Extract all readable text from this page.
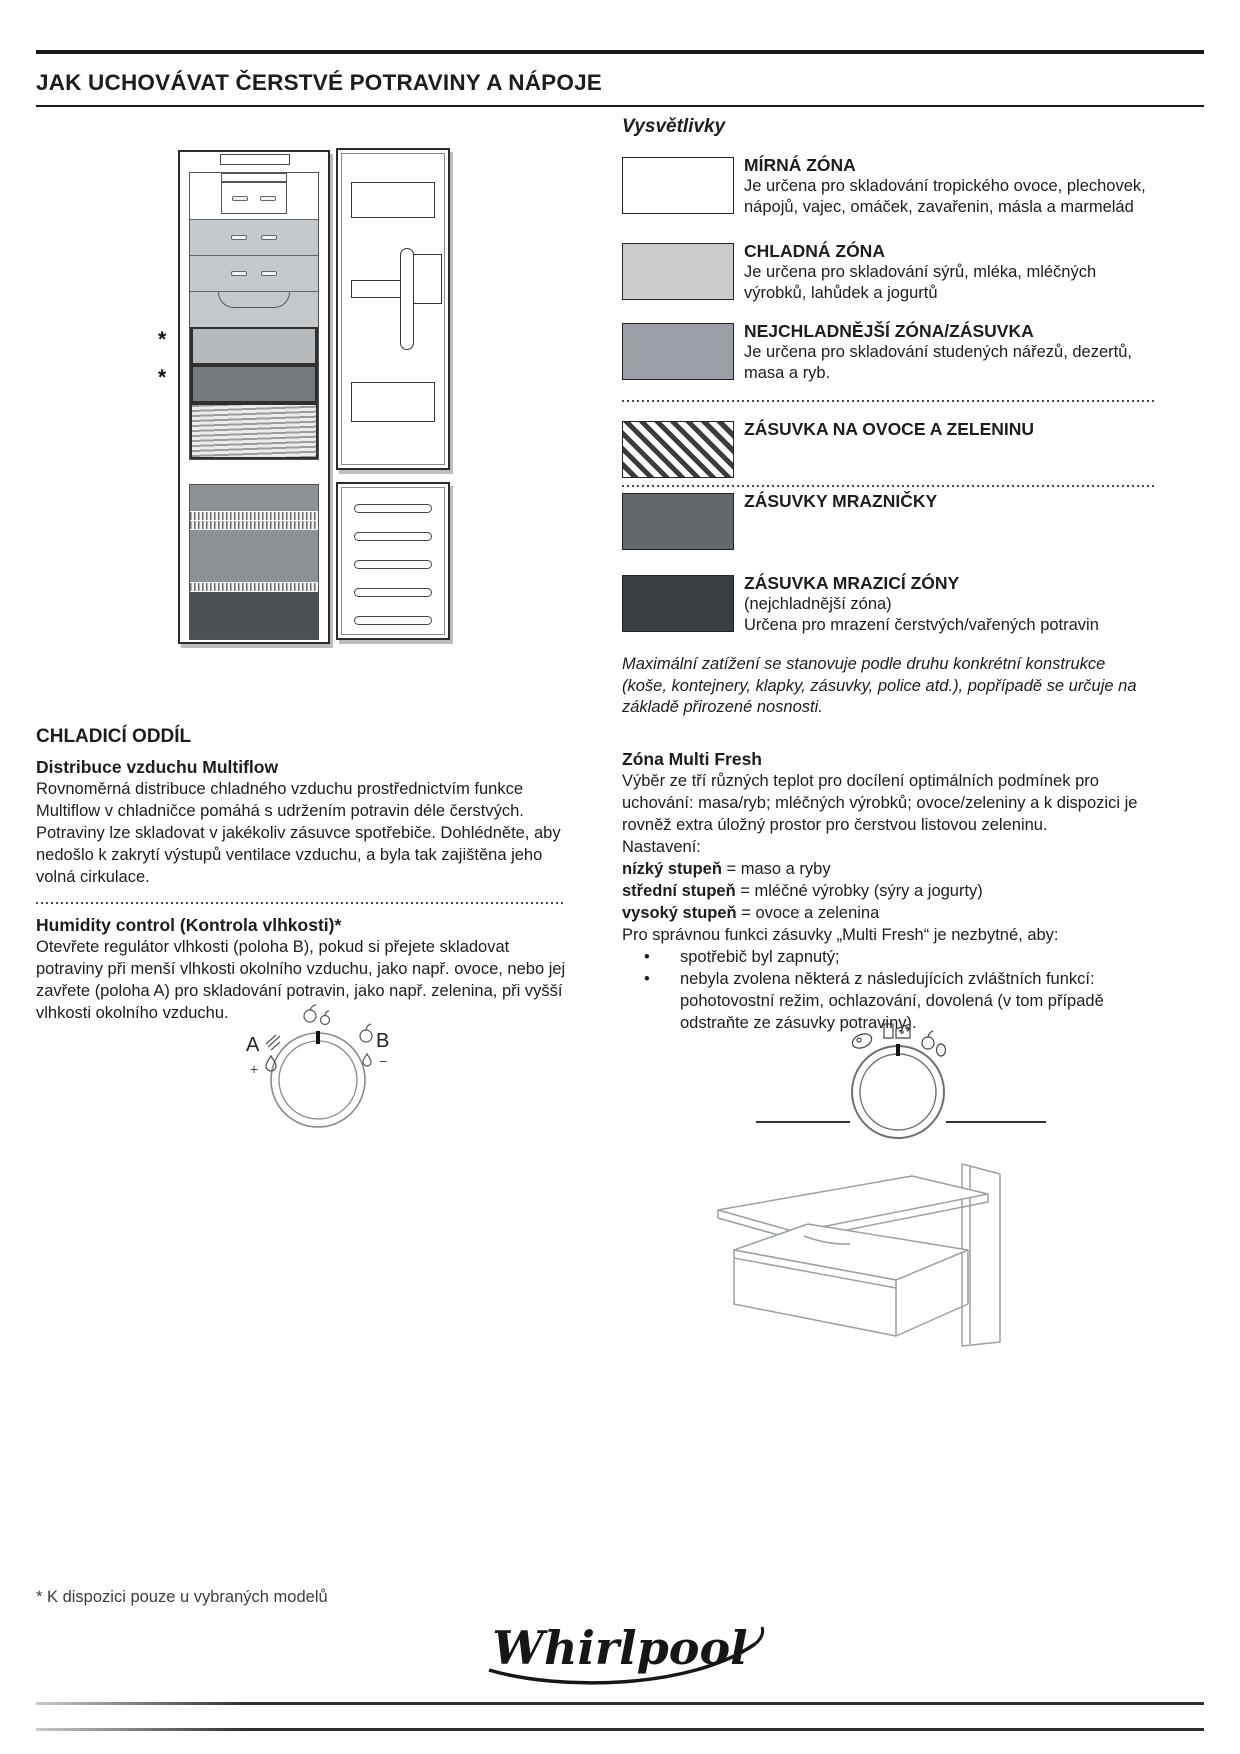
JAK UCHOVÁVAT ČERSTVÉ POTRAVINY A NÁPOJE
*
*
Vysvětlivky
MÍRNÁ ZÓNA
Je určena pro skladování tropického ovoce, plechovek, nápojů, vajec, omáček, zavařenin, másla a marmelád
CHLADNÁ ZÓNA
Je určena pro skladování sýrů, mléka, mléčných výrobků, lahůdek a jogurtů
NEJCHLADNĚJŠÍ ZÓNA/ZÁSUVKA
Je určena pro skladování studených nářezů, dezertů, masa a ryb.
ZÁSUVKA NA OVOCE A ZELENINU
ZÁSUVKY MRAZNIČKY
ZÁSUVKA MRAZICÍ ZÓNY
(nejchladnější zóna)
Určena pro mrazení čerstvých/vařených potravin
Maximální zatížení se stanovuje podle druhu konkrétní konstrukce (koše, kontejnery, klapky, zásuvky, police atd.), popřípadě se určuje na základě přirozené nosnosti.
CHLADICÍ ODDÍL
Distribuce vzduchu Multiflow

Rovnoměrná distribuce chladného vzduchu prostřednictvím funkce Multiflow v chladničce pomáhá s udržením potravin déle čerstvých. Potraviny lze skladovat v jakékoliv zásuvce spotřebiče. Dohlédněte, aby nedošlo k zakrytí výstupů ventilace vzduchu, a byla tak zajištěna jeho volná cirkulace.

Humidity control (Kontrola vlhkosti)*

Otevřete regulátor vlhkosti (poloha B), pokud si přejete skladovat potraviny při menší vlhkosti okolního vzduchu, jako např. ovoce, nebo jej zavřete (poloha A) pro skladování potravin, jako např. zelenina, při vyšší vlhkosti okolního vzduchu.

A	B
+	−
Zóna Multi Fresh

Výběr ze tří různých teplot pro docílení optimálních podmínek pro uchování: masa/ryb; mléčných výrobků; ovoce/zeleniny a k dispozici je rovněž extra úložný prostor pro čerstvou listovou zeleninu.

Nastavení:
nízký stupeň = maso a ryby
střední stupeň = mléčné výrobky (sýry a jogurty)
vysoký stupeň = ovoce a zelenina

Pro správnou funkci zásuvky „Multi Fresh“ je nezbytné, aby:

• spotřebič byl zapnutý;
• nebyla zvolena některá z následujících zvláštních funkcí: pohotovostní režim, ochlazování, dovolená (v tom případě odstraňte ze zásuvky potraviny).
* K dispozici pouze u vybraných modelů
Whirlpool
